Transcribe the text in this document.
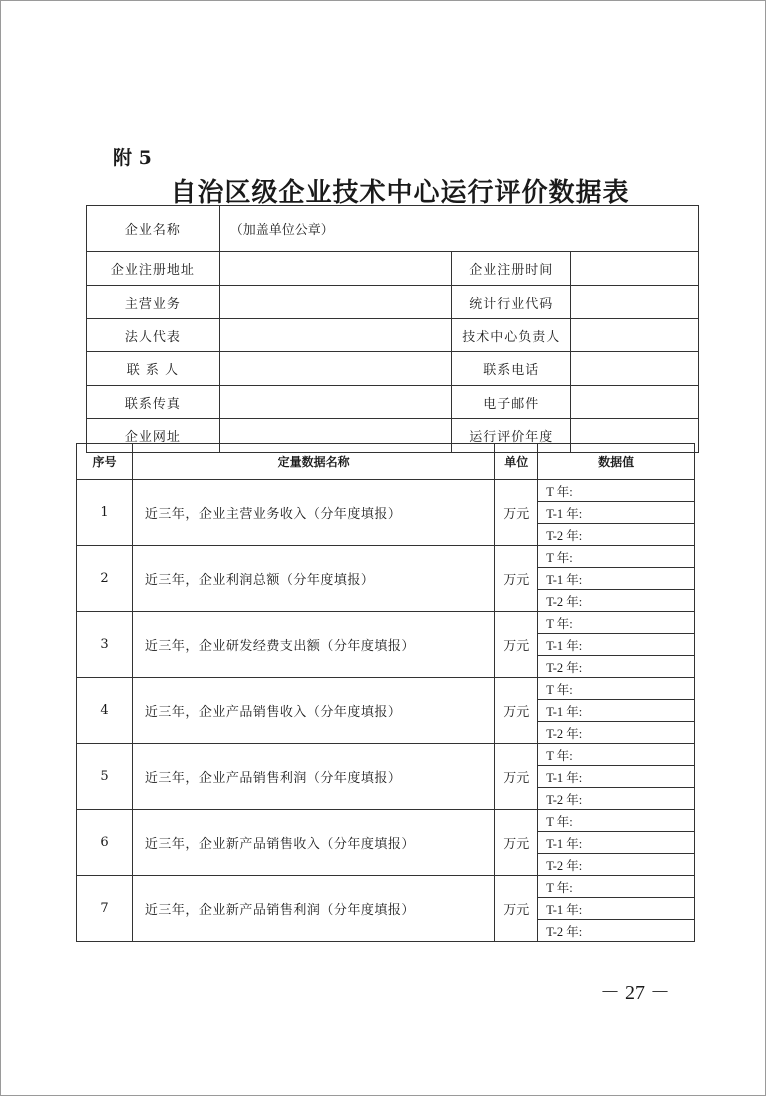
附 5
自治区级企业技术中心运行评价数据表
企业名称	（加盖单位公章）		
企业注册地址		企业注册时间	
主营业务		统计行业代码	
法人代表		技术中心负责人	
联 系 人		联系电话	
联系传真		电子邮件	
企业网址		运行评价年度	
序号	定量数据名称	单位	数据值
1	近三年，企业主营业务收入（分年度填报）	万元	T 年:
			T-1 年:
			T-2 年:
2	近三年，企业利润总额（分年度填报）	万元	T 年:
			T-1 年:
			T-2 年:
3	近三年，企业研发经费支出额（分年度填报）	万元	T 年:
			T-1 年:
			T-2 年:
4	近三年，企业产品销售收入（分年度填报）	万元	T 年:
			T-1 年:
			T-2 年:
5	近三年，企业产品销售利润（分年度填报）	万元	T 年:
			T-1 年:
			T-2 年:
6	近三年，企业新产品销售收入（分年度填报）	万元	T 年:
			T-1 年:
			T-2 年:
7	近三年，企业新产品销售利润（分年度填报）	万元	T 年:
			T-1 年:
			T-2 年:
－ 27 －
